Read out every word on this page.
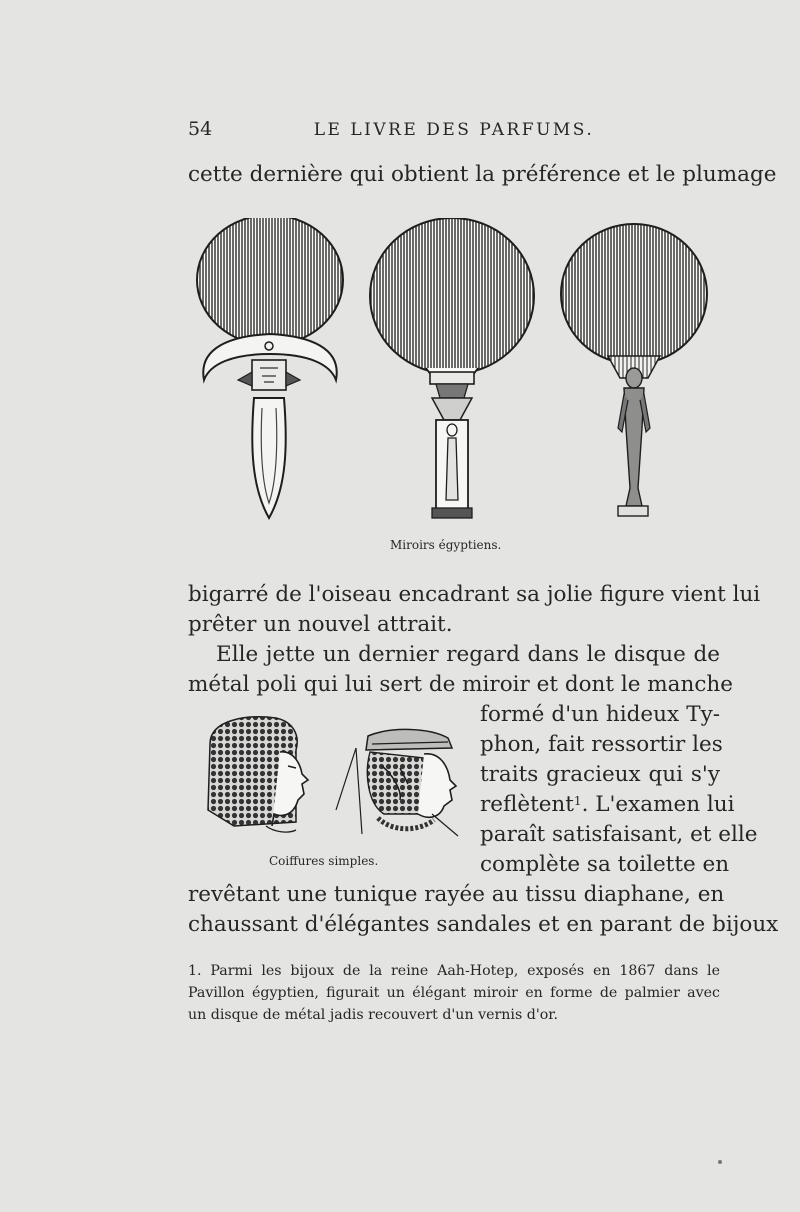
54	LE LIVRE DES PARFUMS.
cette dernière qui obtient la préférence et le plumage
Miroirs égyptiens.
bigarré de l'oiseau encadrant sa jolie figure vient lui
prêter un nouvel attrait.
Elle jette un dernier regard dans le disque de
métal poli qui lui sert de miroir et dont le manche
formé d'un hideux Ty-
phon, fait ressortir les
traits gracieux qui s'y
reflètent$^1$. L'examen lui
paraît satisfaisant, et elle
complète sa toilette en
Coiffures simples.
revêtant une tunique rayée au tissu diaphane, en
chaussant d'élégantes sandales et en parant de bijoux
1. Parmi les bijoux de la reine Aah-Hotep, exposés en 1867 dans le
Pavillon égyptien, figurait un élégant miroir en forme de palmier avec
un disque de métal jadis recouvert d'un vernis d'or.
